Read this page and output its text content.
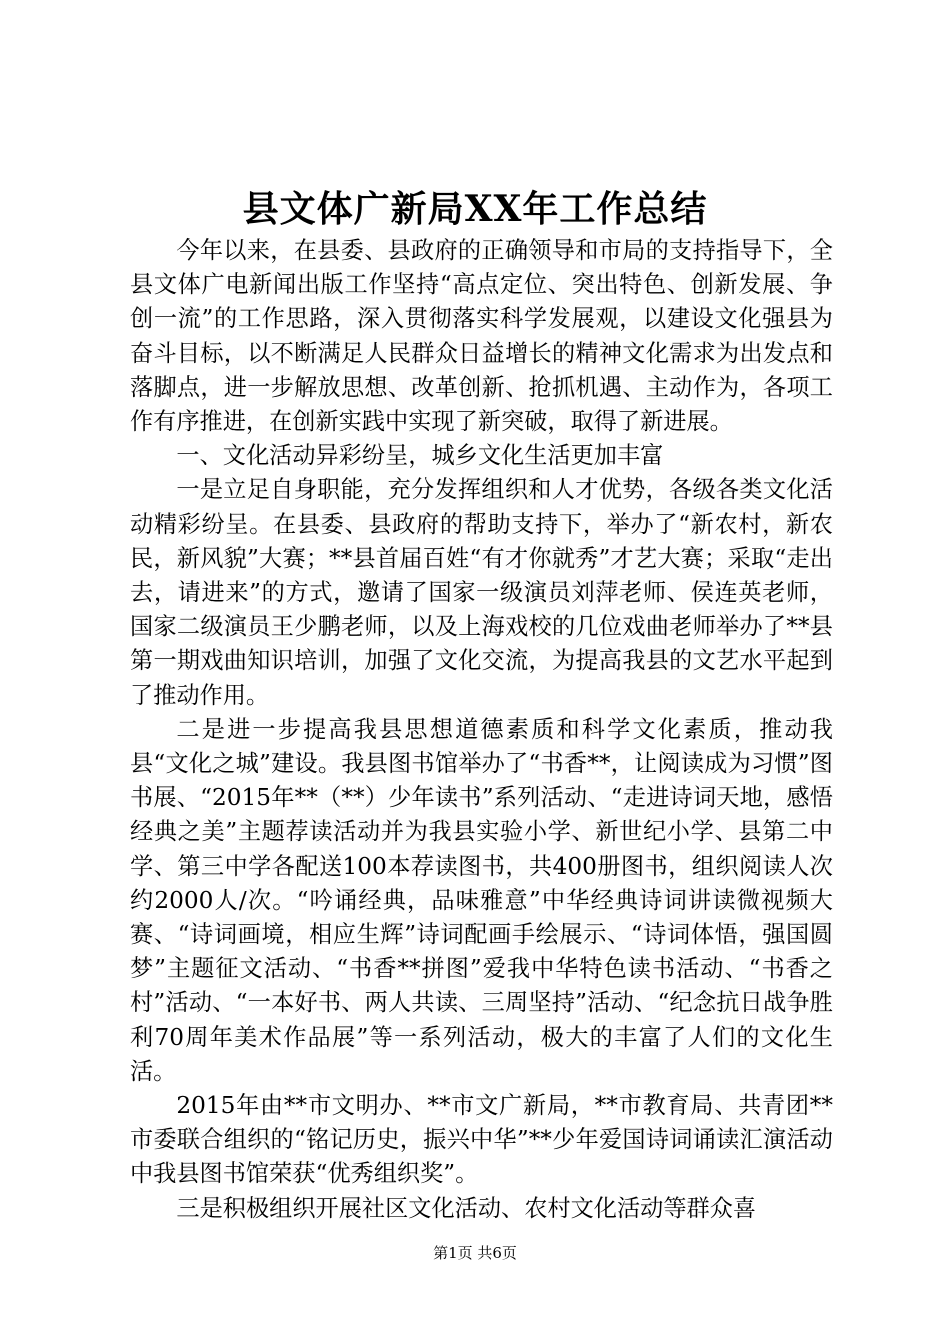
县文体广新局XX年工作总结

今年以来，在县委、县政府的正确领导和市局的支持指导下，全县文体广电新闻出版工作坚持“高点定位、突出特色、创新发展、争创一流”的工作思路，深入贯彻落实科学发展观，以建设文化强县为奋斗目标，以不断满足人民群众日益增长的精神文化需求为出发点和落脚点，进一步解放思想、改革创新、抢抓机遇、主动作为，各项工作有序推进，在创新实践中实现了新突破，取得了新进展。

一、文化活动异彩纷呈，城乡文化生活更加丰富

一是立足自身职能，充分发挥组织和人才优势，各级各类文化活动精彩纷呈。在县委、县政府的帮助支持下，举办了“新农村，新农民，新风貌”大赛；**县首届百姓“有才你就秀”才艺大赛；采取“走出去，请进来”的方式，邀请了国家一级演员刘萍老师、侯连英老师，国家二级演员王少鹏老师，以及上海戏校的几位戏曲老师举办了**县第一期戏曲知识培训，加强了文化交流，为提高我县的文艺水平起到了推动作用。

二是进一步提高我县思想道德素质和科学文化素质，推动我县“文化之城”建设。我县图书馆举办了“书香**，让阅读成为习惯”图书展、“2015年**（**）少年读书”系列活动、“走进诗词天地，感悟经典之美”主题荐读活动并为我县实验小学、新世纪小学、县第二中学、第三中学各配送100本荐读图书，共400册图书，组织阅读人次约2000人/次。“吟诵经典，品味雅意”中华经典诗词讲读微视频大赛、“诗词画境，相应生辉”诗词配画手绘展示、“诗词体悟，强国圆梦”主题征文活动、“书香**拼图”爱我中华特色读书活动、“书香之村”活动、“一本好书、两人共读、三周坚持”活动、“纪念抗日战争胜利70周年美术作品展”等一系列活动，极大的丰富了人们的文化生活。

2015年由**市文明办、**市文广新局，**市教育局、共青团**市委联合组织的“铭记历史，振兴中华”**少年爱国诗词诵读汇演活动中我县图书馆荣获“优秀组织奖”。

三是积极组织开展社区文化活动、农村文化活动等群众喜

第1页 共6页
